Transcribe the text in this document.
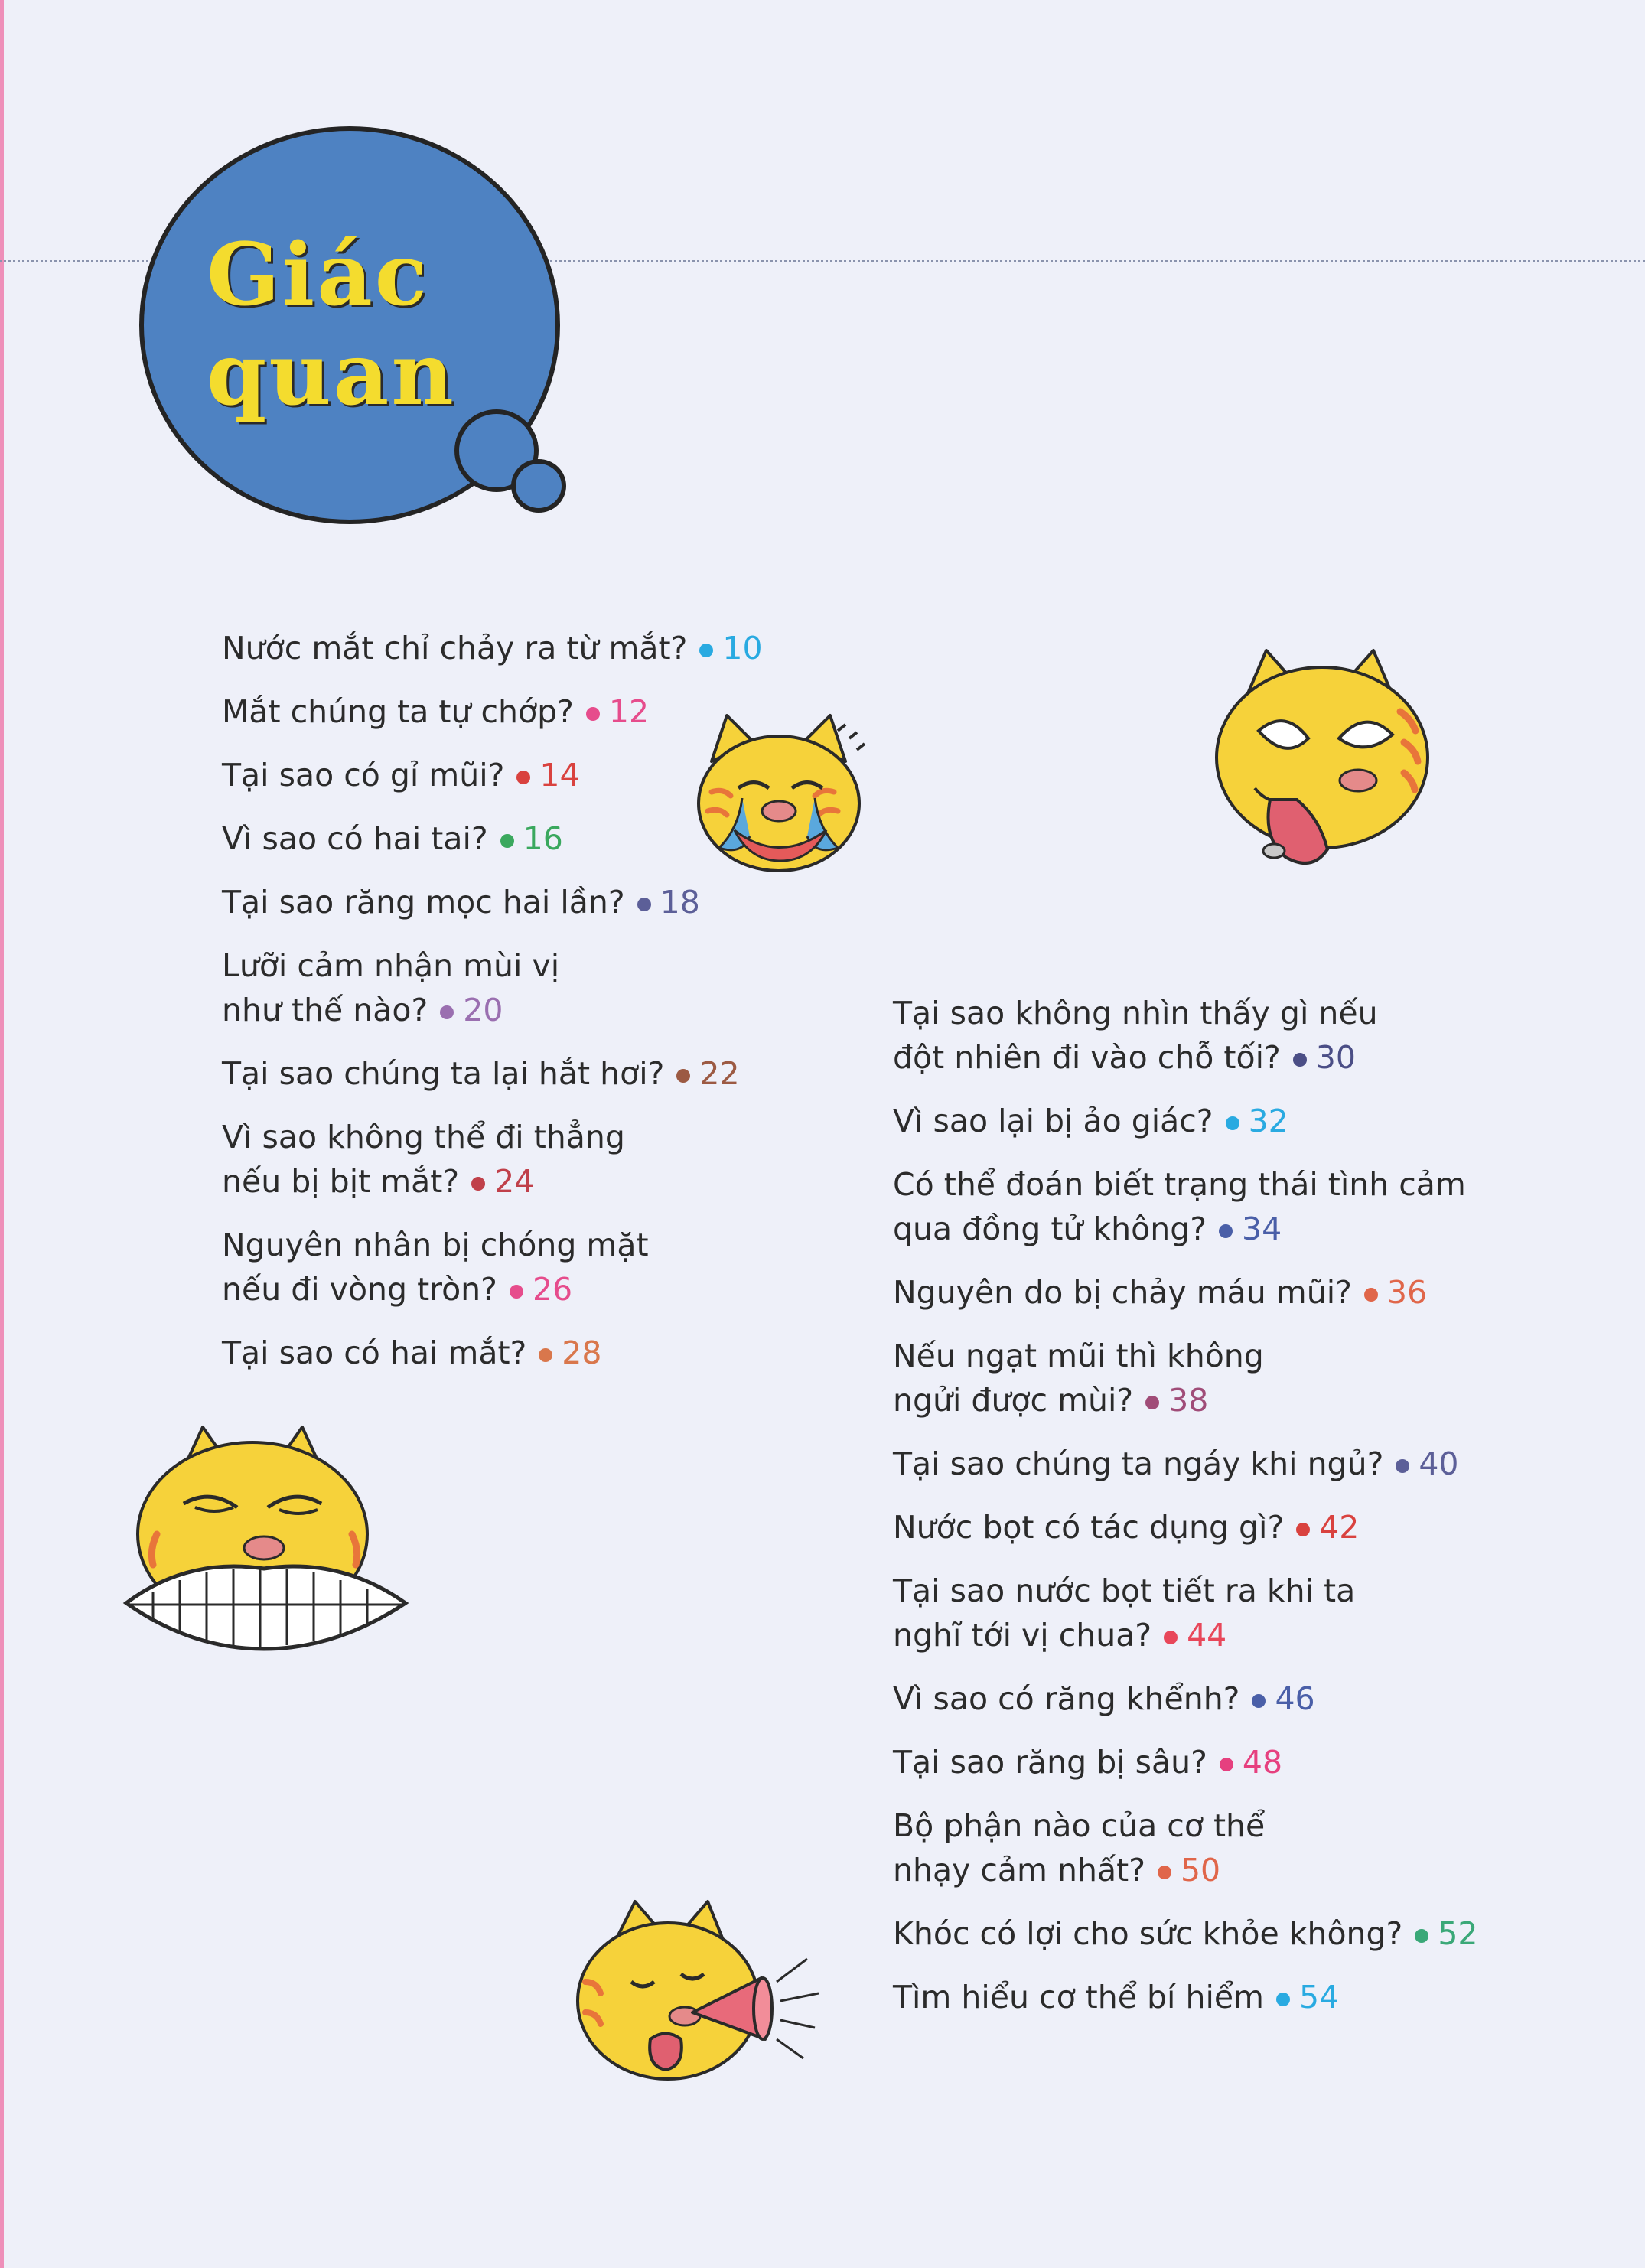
Giác
quan
Nước mắt chỉ chảy ra từ mắt? 10
Mắt chúng ta tự chớp? 12
Tại sao có gỉ mũi? 14
Vì sao có hai tai? 16
Tại sao răng mọc hai lần? 18
Lưỡi cảm nhận mùi vị
như thế nào? 20
Tại sao chúng ta lại hắt hơi? 22
Vì sao không thể đi thẳng
nếu bị bịt mắt? 24
Nguyên nhân bị chóng mặt
nếu đi vòng tròn? 26
Tại sao có hai mắt? 28
Tại sao không nhìn thấy gì nếu
đột nhiên đi vào chỗ tối? 30
Vì sao lại bị ảo giác? 32
Có thể đoán biết trạng thái tình cảm
qua đồng tử không? 34
Nguyên do bị chảy máu mũi? 36
Nếu ngạt mũi thì không
ngửi được mùi? 38
Tại sao chúng ta ngáy khi ngủ? 40
Nước bọt có tác dụng gì? 42
Tại sao nước bọt tiết ra khi ta
nghĩ tới vị chua? 44
Vì sao có răng khểnh? 46
Tại sao răng bị sâu? 48
Bộ phận nào của cơ thể
nhạy cảm nhất? 50
Khóc có lợi cho sức khỏe không? 52
Tìm hiểu cơ thể bí hiểm 54
